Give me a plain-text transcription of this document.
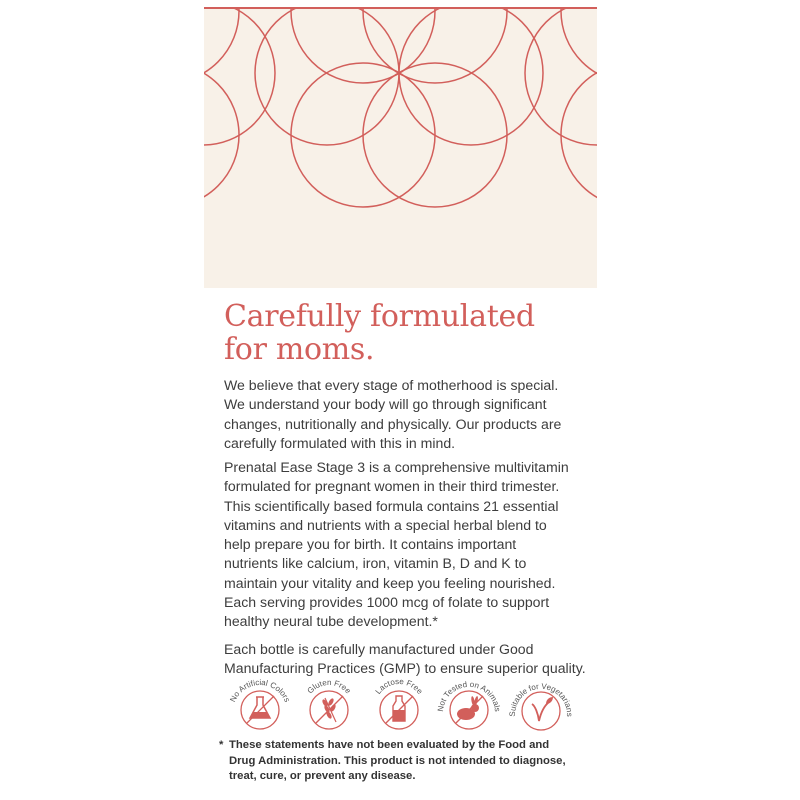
Carefully formulated
for moms.

We believe that every stage of motherhood is special.
We understand your body will go through significant
changes, nutritionally and physically. Our products are
carefully formulated with this in mind.

Prenatal Ease Stage 3 is a comprehensive multivitamin
formulated for pregnant women in their third trimester.
This scientifically based formula contains 21 essential
vitamins and nutrients with a special herbal blend to
help prepare you for birth. It contains important
nutrients like calcium, iron, vitamin B, D and K to
maintain your vitality and keep you feeling nourished.
Each serving provides 1000 mcg of folate to support
healthy neural tube development.*

Each bottle is carefully manufactured under Good
Manufacturing Practices (GMP) to ensure superior quality.

No Artificial Colors
Gluten Free	Lactose Free
Not Tested on Animals
Suitable for Vegetarians
* These statements have not been evaluated by the Food and
Drug Administration. This product is not intended to diagnose,
treat, cure, or prevent any disease.
